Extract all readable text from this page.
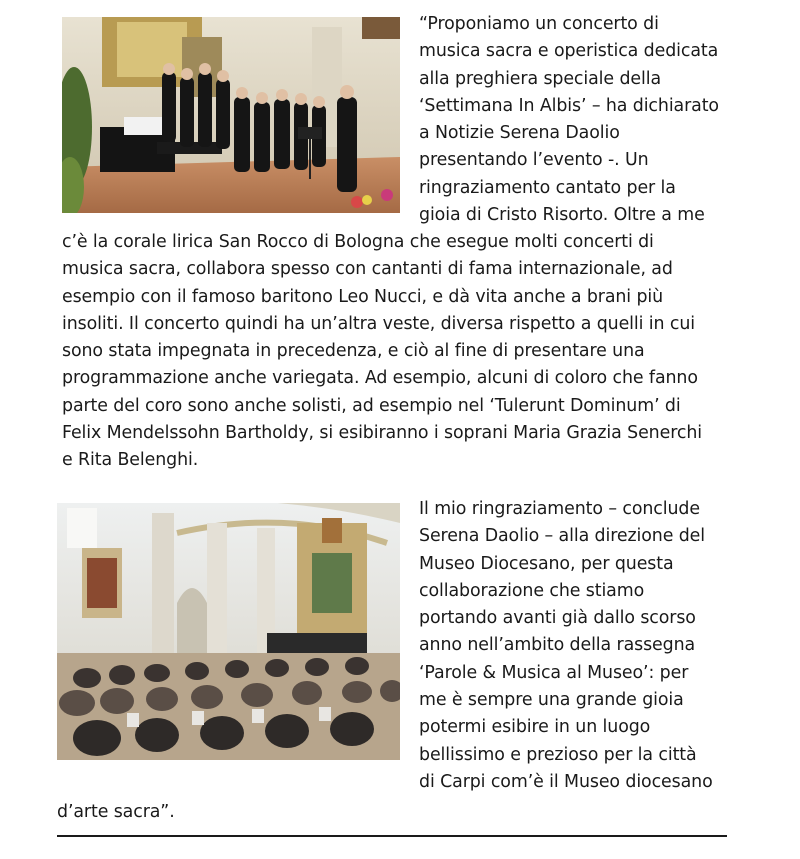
“Proponiamo un concerto di
musica sacra e operistica dedicata
alla preghiera speciale della
‘Settimana In Albis’ – ha dichiarato
a Notizie Serena Daolio
presentando l’evento -. Un
ringraziamento cantato per la
gioia di Cristo Risorto. Oltre a me
c’è la corale lirica San Rocco di Bologna che esegue molti concerti di
musica sacra, collabora spesso con cantanti di fama internazionale, ad
esempio con il famoso baritono Leo Nucci, e dà vita anche a brani più
insoliti. Il concerto quindi ha un’altra veste, diversa rispetto a quelli in cui
sono stata impegnata in precedenza, e ciò al fine di presentare una
programmazione anche variegata. Ad esempio, alcuni di coloro che fanno
parte del coro sono anche solisti, ad esempio nel ‘Tulerunt Dominum’ di
Felix Mendelssohn Bartholdy, si esibiranno i soprani Maria Grazia Senerchi
e Rita Belenghi.
Il mio ringraziamento – conclude
Serena Daolio – alla direzione del
Museo Diocesano, per questa
collaborazione che stiamo
portando avanti già dallo scorso
anno nell’ambito della rassegna
‘Parole & Musica al Museo’: per
me è sempre una grande gioia
potermi esibire in un luogo
bellissimo e prezioso per la città
di Carpi com’è il Museo diocesano
d’arte sacra”.
